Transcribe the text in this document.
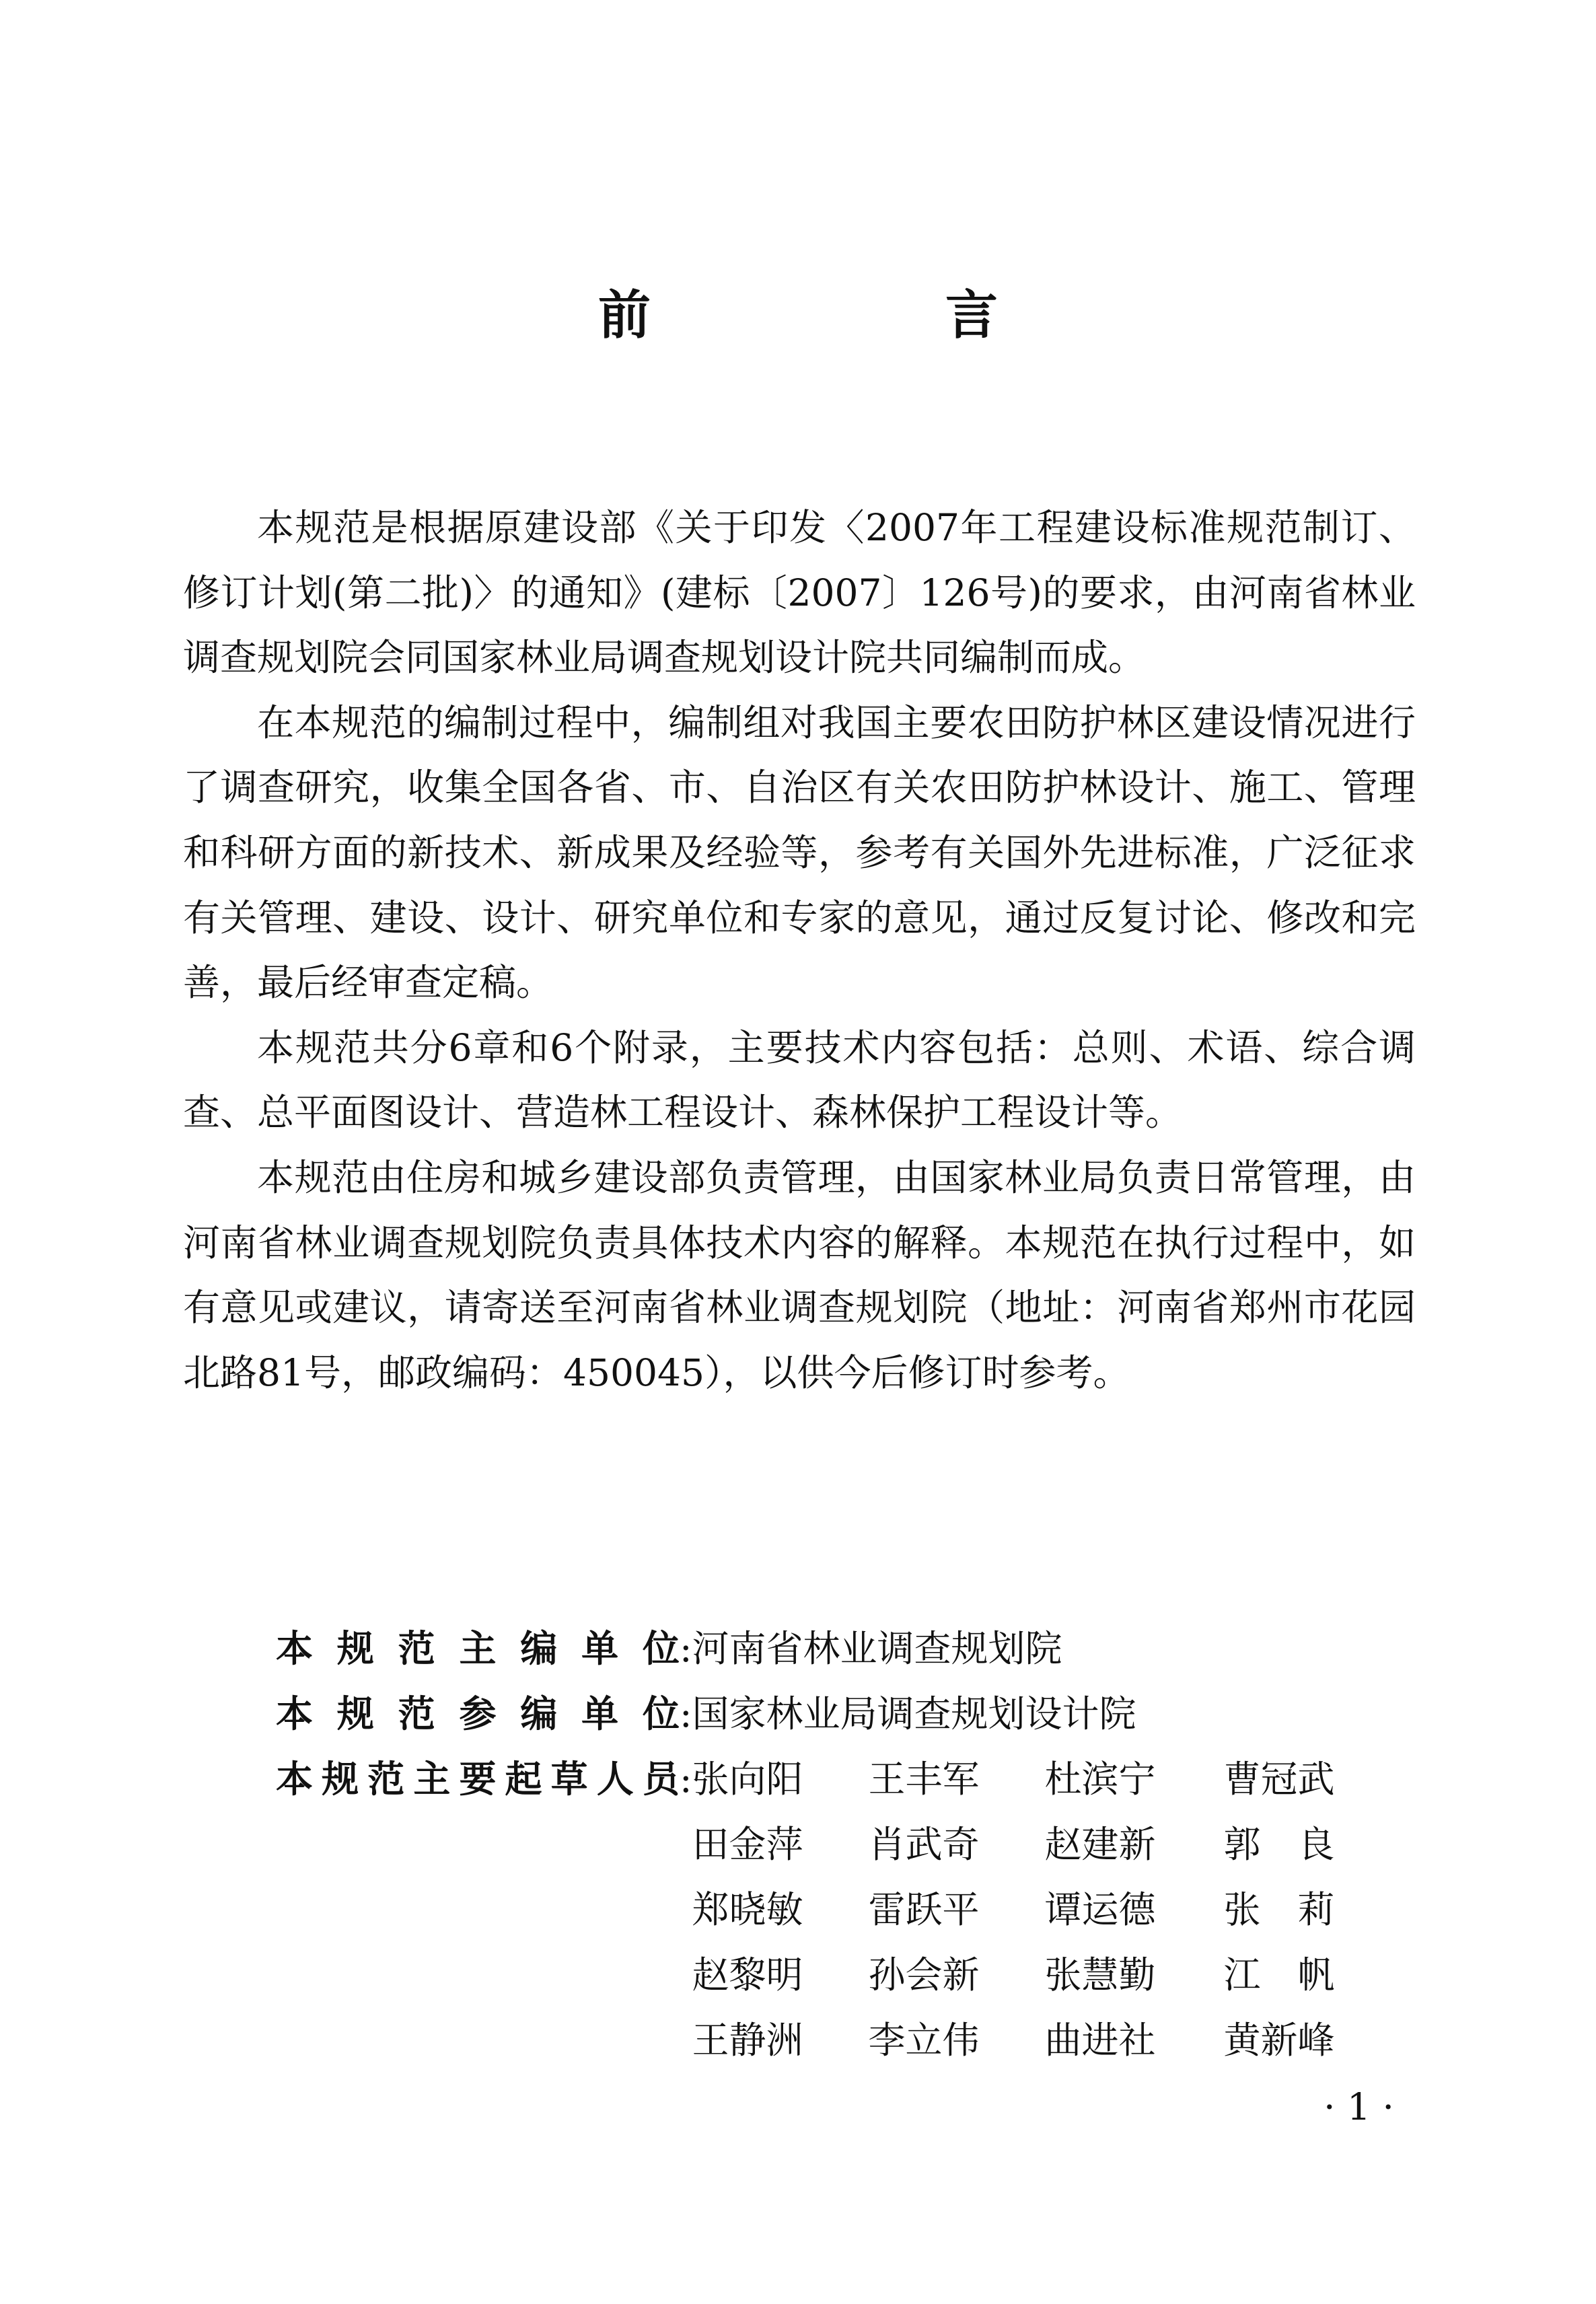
前　言

本规范是根据原建设部《关于印发〈2007年工程建设标准规范制订、修订计划(第二批)〉的通知》(建标〔2007〕126号)的要求，由河南省林业调查规划院会同国家林业局调查规划设计院共同编制而成。

在本规范的编制过程中，编制组对我国主要农田防护林区建设情况进行了调查研究，收集全国各省、市、自治区有关农田防护林设计、施工、管理和科研方面的新技术、新成果及经验等，参考有关国外先进标准，广泛征求有关管理、建设、设计、研究单位和专家的意见，通过反复讨论、修改和完善，最后经审查定稿。

本规范共分6章和6个附录，主要技术内容包括：总则、术语、综合调查、总平面图设计、营造林工程设计、森林保护工程设计等。

本规范由住房和城乡建设部负责管理，由国家林业局负责日常管理，由河南省林业调查规划院负责具体技术内容的解释。本规范在执行过程中，如有意见或建议，请寄送至河南省林业调查规划院（地址：河南省郑州市花园北路81号，邮政编码：450045），以供今后修订时参考。

本 规 范 主 编 单 位 :河南省林业调查规划院
本 规 范 参 编 单 位 :国家林业局调查规划设计院
本 规 范 主 要 起 草 人 员 : 张向阳	王丰军	杜滨宁	曹冠武
田金萍	肖武奇	赵建新	郭　良
郑晓敏	雷跃平	谭运德	张　莉
赵黎明	孙会新	张慧勤	江　帆
王静洲	李立伟	曲进社	黄新峰
· 1 ·
